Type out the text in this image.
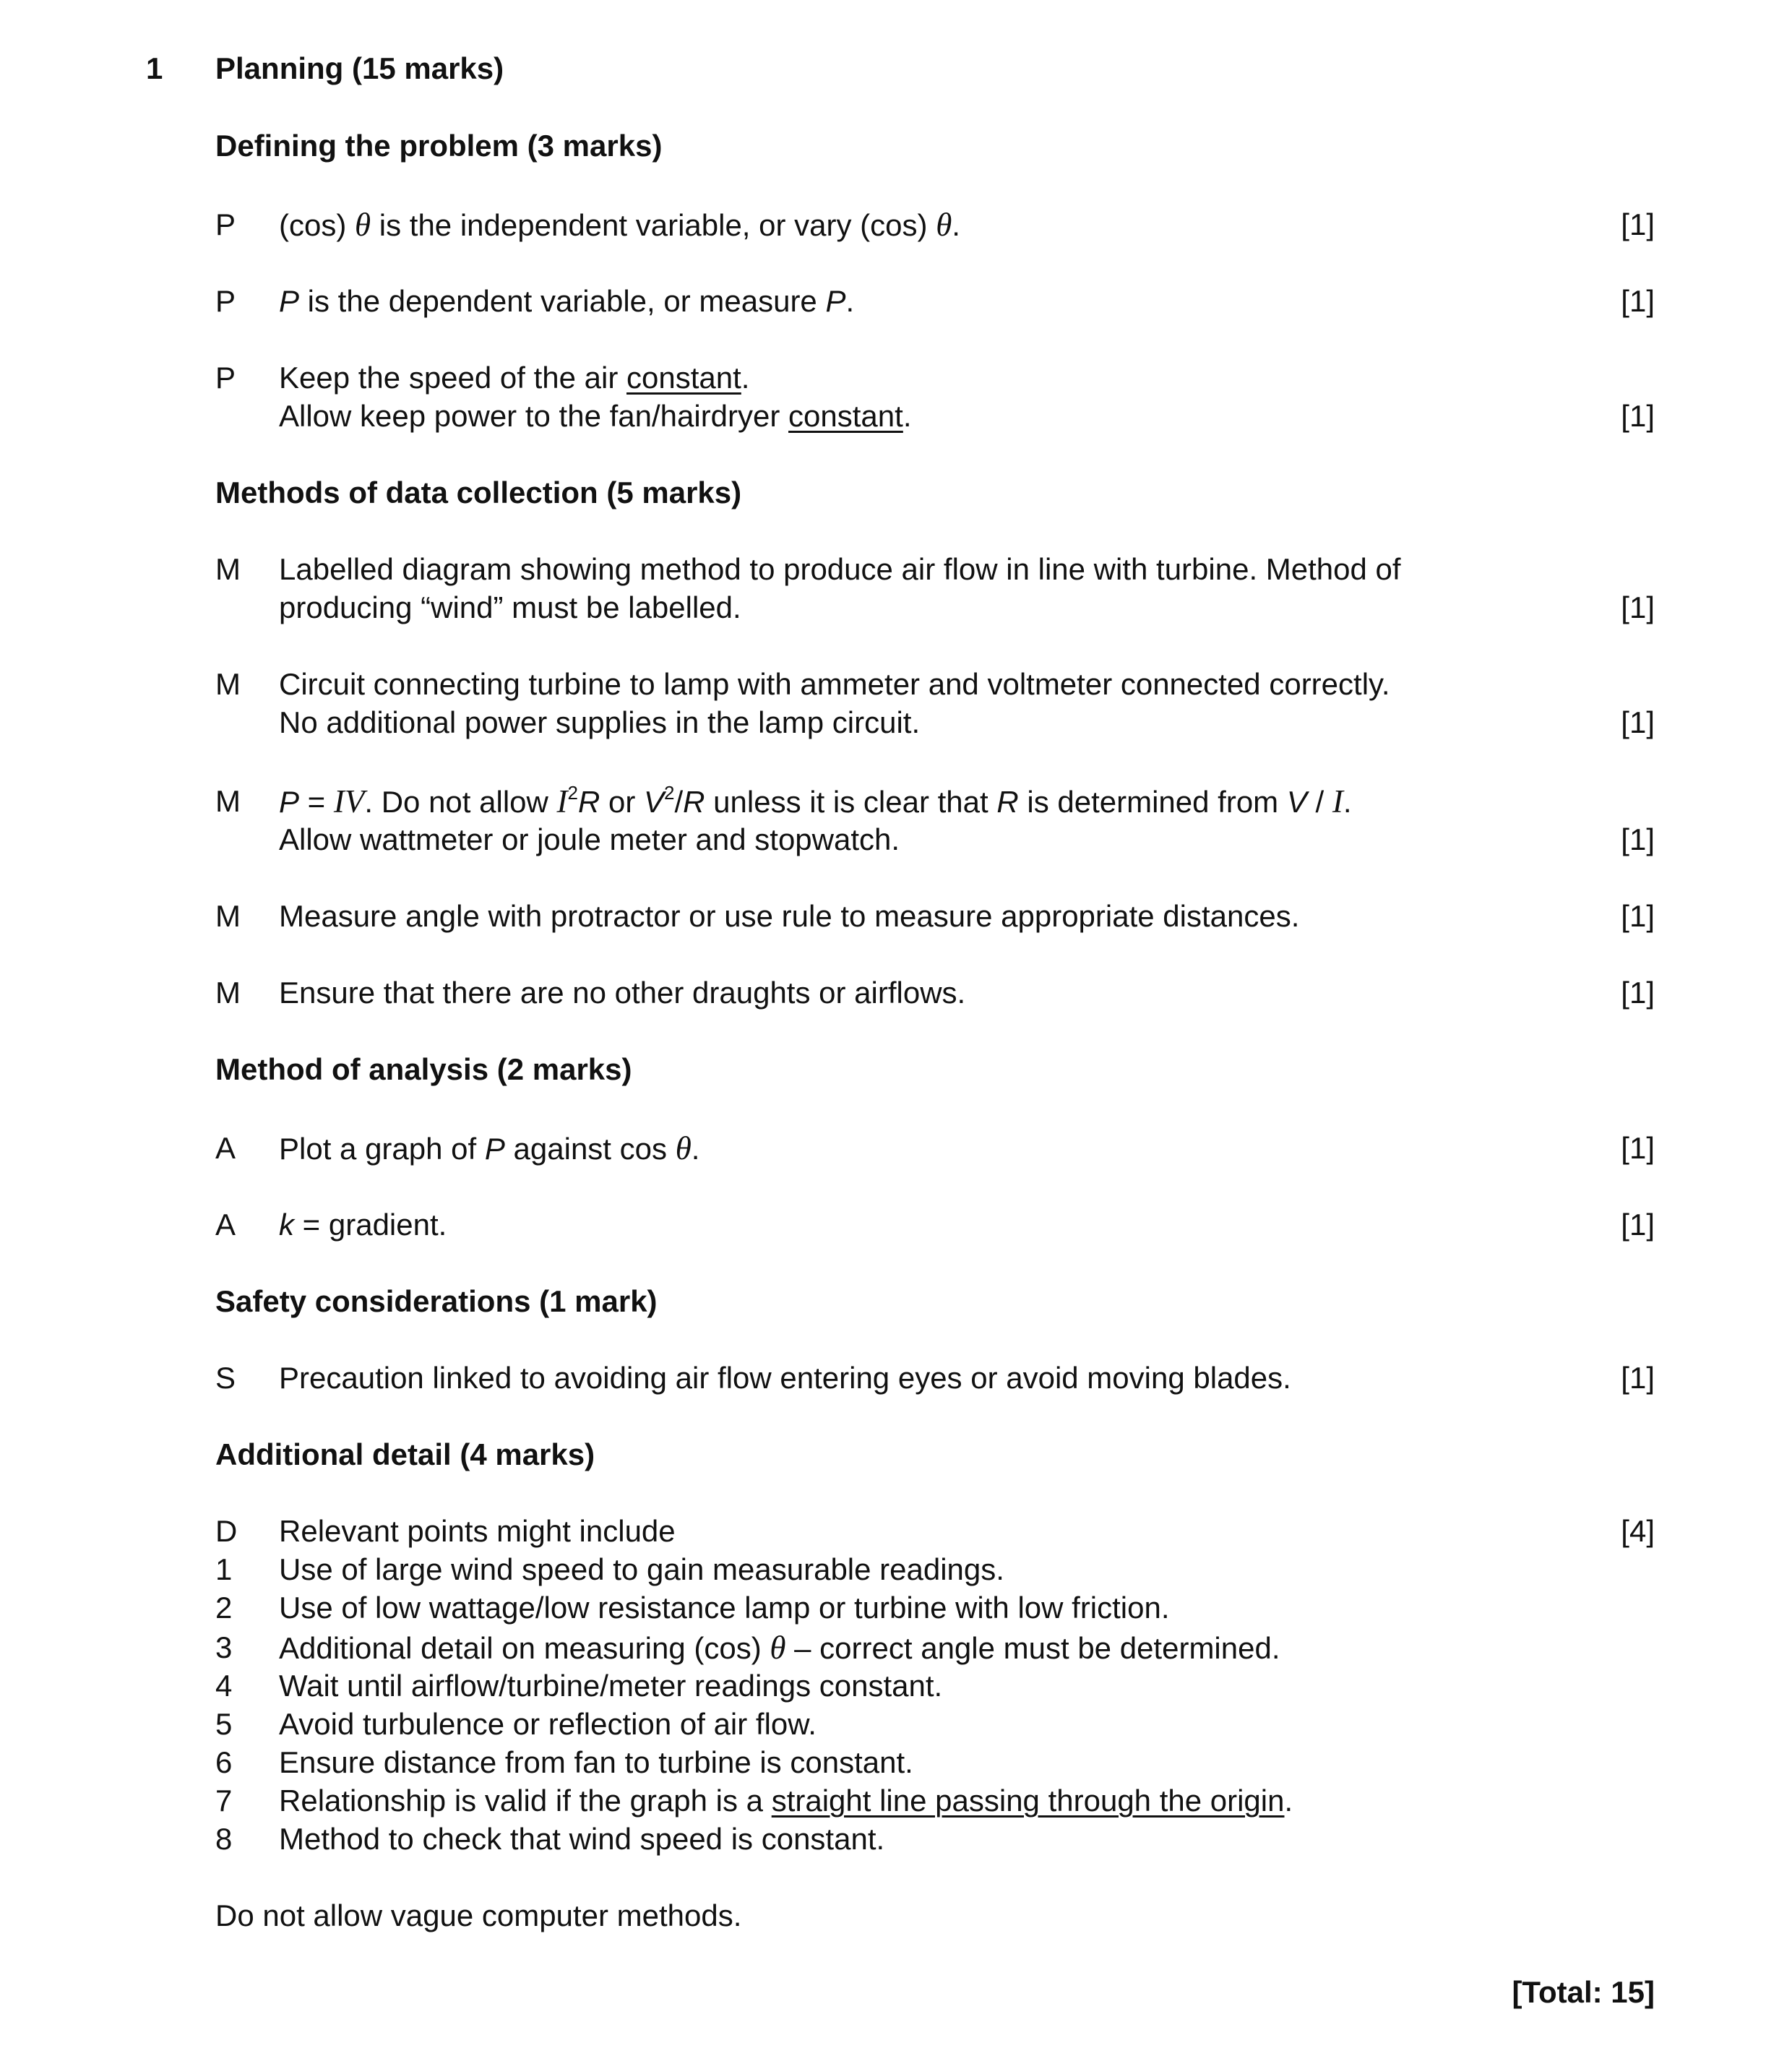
1 Planning (15 marks)
Defining the problem (3 marks)
P (cos) θ is the independent variable, or vary (cos) θ.	[1]
P P is the dependent variable, or measure P.	[1]
P Keep the speed of the air constant.
Allow keep power to the fan/hairdryer constant.	[1]
Methods of data collection (5 marks)
M Labelled diagram showing method to produce air flow in line with turbine. Method of
producing “wind” must be labelled.	[1]
M Circuit connecting turbine to lamp with ammeter and voltmeter connected correctly.
No additional power supplies in the lamp circuit.	[1]
M P = IV. Do not allow $I^2R$ or $V^2/R$ unless it is clear that R is determined from V / I.
Allow wattmeter or joule meter and stopwatch.	[1]
M Measure angle with protractor or use rule to measure appropriate distances.	[1]
M Ensure that there are no other draughts or airflows.	[1]
Method of analysis (2 marks)
A Plot a graph of P against cos θ.	[1]
A k = gradient.	[1]
Safety considerations (1 mark)
S Precaution linked to avoiding air flow entering eyes or avoid moving blades.	[1]
Additional detail (4 marks)
D Relevant points might include	[4]
1 Use of large wind speed to gain measurable readings.
2 Use of low wattage/low resistance lamp or turbine with low friction.
3 Additional detail on measuring (cos) θ – correct angle must be determined.
4 Wait until airflow/turbine/meter readings constant.
5 Avoid turbulence or reflection of air flow.
6 Ensure distance from fan to turbine is constant.
7 Relationship is valid if the graph is a straight line passing through the origin.
8 Method to check that wind speed is constant.
Do not allow vague computer methods.
[Total: 15]
